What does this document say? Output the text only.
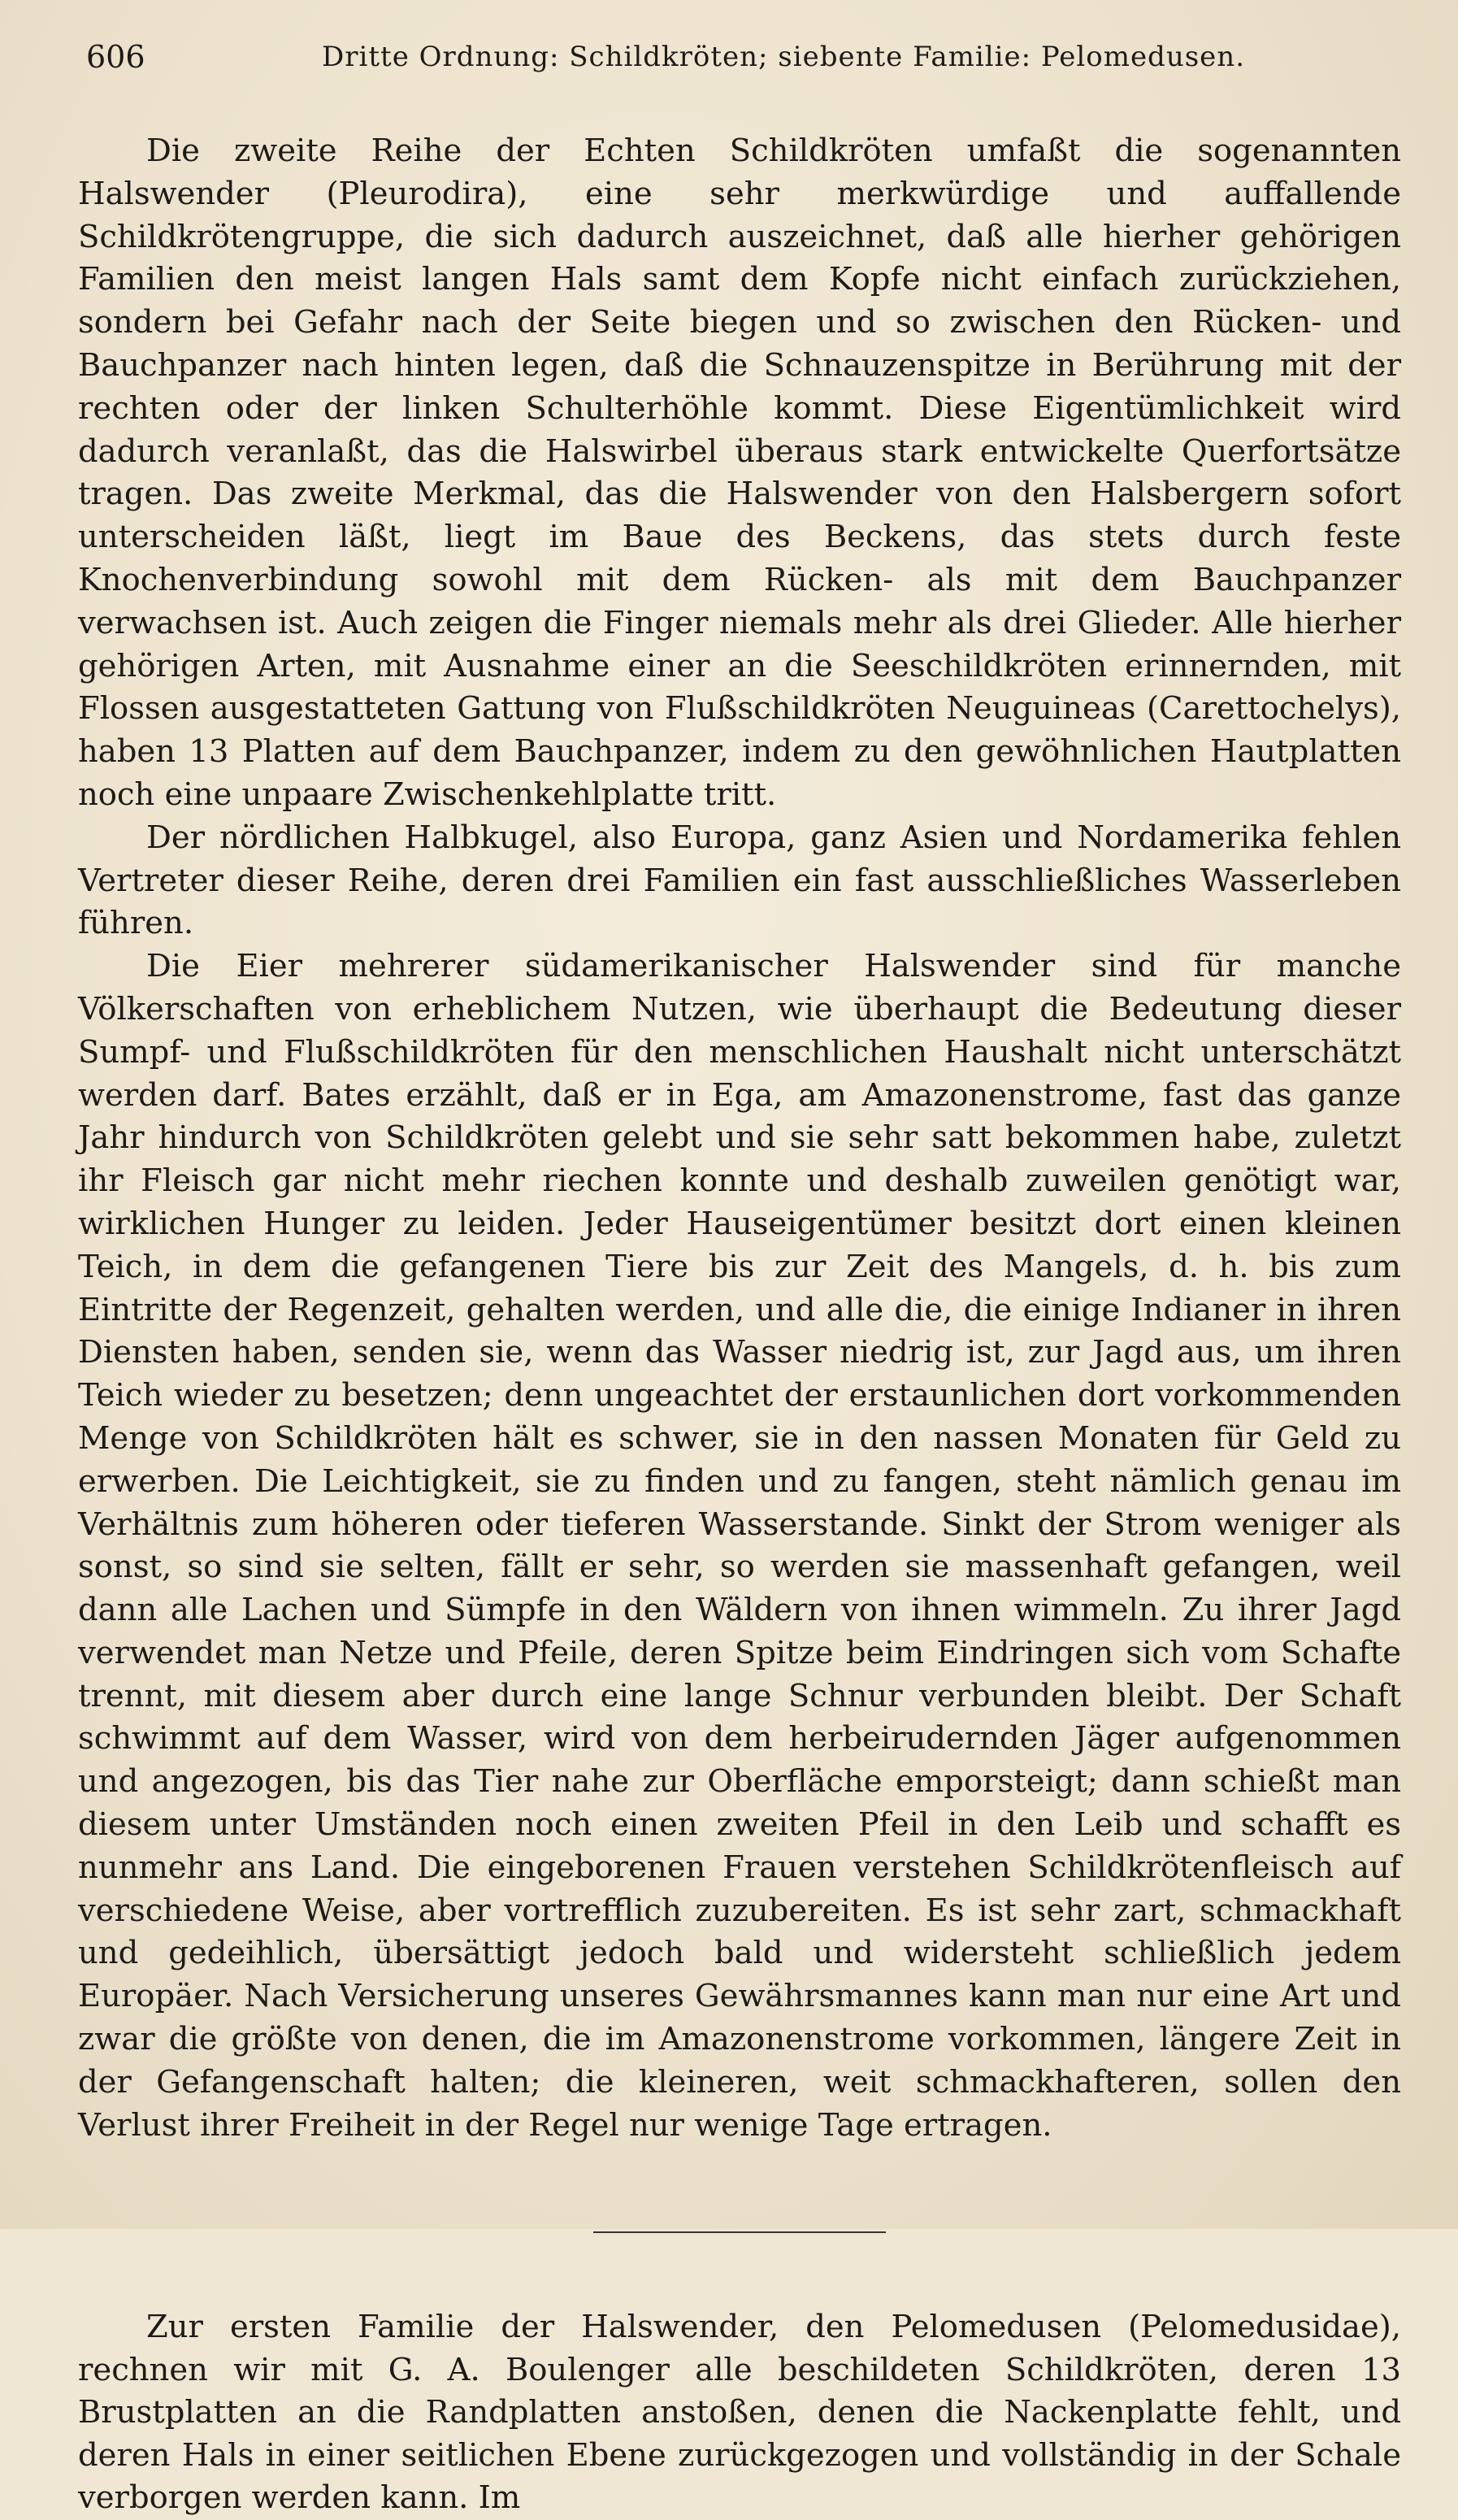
606	Dritte Ordnung: Schildkröten; siebente Familie: Pelomedusen.

Die zweite Reihe der Echten Schildkröten umfaßt die sogenannten Halswender (Pleurodira), eine sehr merkwürdige und auffallende Schildkrötengruppe, die sich dadurch auszeichnet, daß alle hierher gehörigen Familien den meist langen Hals samt dem Kopfe nicht einfach zurückziehen, sondern bei Gefahr nach der Seite biegen und so zwischen den Rücken- und Bauchpanzer nach hinten legen, daß die Schnauzenspitze in Berührung mit der rechten oder der linken Schulterhöhle kommt. Diese Eigentümlichkeit wird dadurch veranlaßt, das die Halswirbel überaus stark entwickelte Querfortsätze tragen. Das zweite Merkmal, das die Halswender von den Halsbergern sofort unterscheiden läßt, liegt im Baue des Beckens, das stets durch feste Knochenverbindung sowohl mit dem Rücken- als mit dem Bauchpanzer verwachsen ist. Auch zeigen die Finger niemals mehr als drei Glieder. Alle hierher gehörigen Arten, mit Ausnahme einer an die Seeschildkröten erinnernden, mit Flossen ausgestatteten Gattung von Flußschildkröten Neuguineas (Carettochelys), haben 13 Platten auf dem Bauchpanzer, indem zu den gewöhnlichen Hautplatten noch eine unpaare Zwischenkehlplatte tritt.

Der nördlichen Halbkugel, also Europa, ganz Asien und Nordamerika fehlen Vertreter dieser Reihe, deren drei Familien ein fast ausschließliches Wasserleben führen.

Die Eier mehrerer südamerikanischer Halswender sind für manche Völkerschaften von erheblichem Nutzen, wie überhaupt die Bedeutung dieser Sumpf- und Flußschildkröten für den menschlichen Haushalt nicht unterschätzt werden darf. Bates erzählt, daß er in Ega, am Amazonenstrome, fast das ganze Jahr hindurch von Schildkröten gelebt und sie sehr satt bekommen habe, zuletzt ihr Fleisch gar nicht mehr riechen konnte und deshalb zuweilen genötigt war, wirklichen Hunger zu leiden. Jeder Hauseigentümer besitzt dort einen kleinen Teich, in dem die gefangenen Tiere bis zur Zeit des Mangels, d. h. bis zum Eintritte der Regenzeit, gehalten werden, und alle die, die einige Indianer in ihren Diensten haben, senden sie, wenn das Wasser niedrig ist, zur Jagd aus, um ihren Teich wieder zu besetzen; denn ungeachtet der erstaunlichen dort vorkommenden Menge von Schildkröten hält es schwer, sie in den nassen Monaten für Geld zu erwerben. Die Leichtigkeit, sie zu finden und zu fangen, steht nämlich genau im Verhältnis zum höheren oder tieferen Wasserstande. Sinkt der Strom weniger als sonst, so sind sie selten, fällt er sehr, so werden sie massenhaft gefangen, weil dann alle Lachen und Sümpfe in den Wäldern von ihnen wimmeln. Zu ihrer Jagd verwendet man Netze und Pfeile, deren Spitze beim Eindringen sich vom Schafte trennt, mit diesem aber durch eine lange Schnur verbunden bleibt. Der Schaft schwimmt auf dem Wasser, wird von dem herbeirudernden Jäger aufgenommen und angezogen, bis das Tier nahe zur Oberfläche emporsteigt; dann schießt man diesem unter Umständen noch einen zweiten Pfeil in den Leib und schafft es nunmehr ans Land. Die eingeborenen Frauen verstehen Schildkrötenfleisch auf verschiedene Weise, aber vortrefflich zuzubereiten. Es ist sehr zart, schmackhaft und gedeihlich, übersättigt jedoch bald und widersteht schließlich jedem Europäer. Nach Versicherung unseres Gewährsmannes kann man nur eine Art und zwar die größte von denen, die im Amazonenstrome vorkommen, längere Zeit in der Gefangenschaft halten; die kleineren, weit schmackhafteren, sollen den Verlust ihrer Freiheit in der Regel nur wenige Tage ertragen.

Zur ersten Familie der Halswender, den Pelomedusen (Pelomedusidae), rechnen wir mit G. A. Boulenger alle beschildeten Schildkröten, deren 13 Brustplatten an die Randplatten anstoßen, denen die Nackenplatte fehlt, und deren Hals in einer seitlichen Ebene zurückgezogen und vollständig in der Schale verborgen werden kann. Im
